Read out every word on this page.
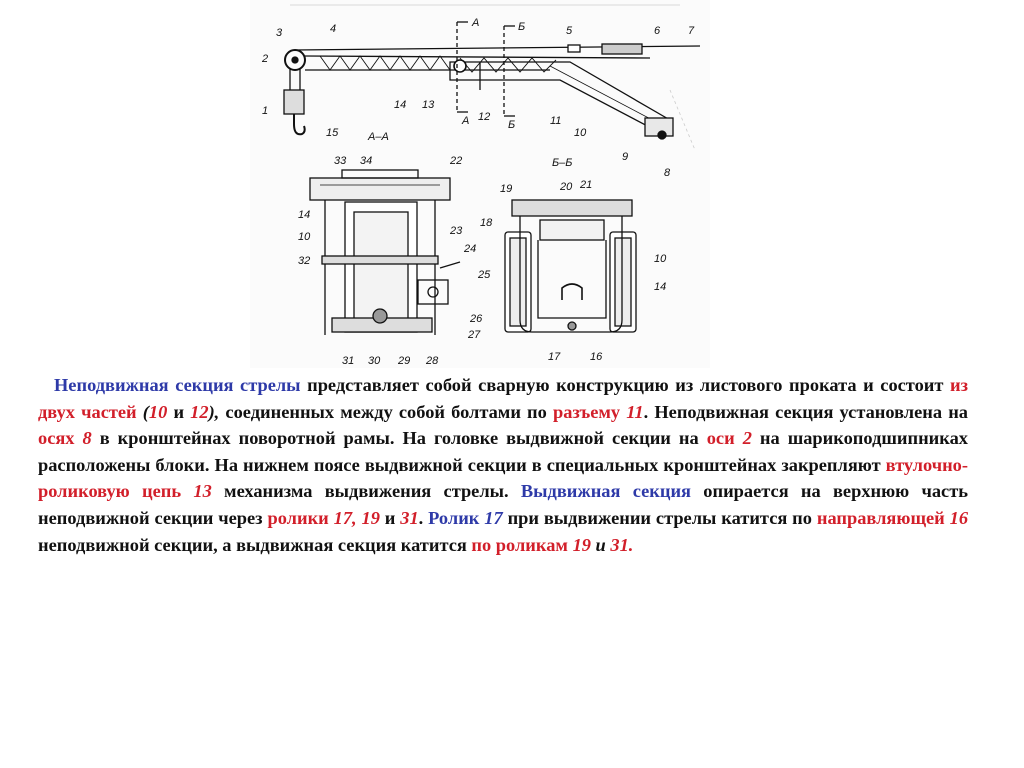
1
2
3	4	5	6	7
8
9
10
11
12
13
14
15
А	Б
А	Б
А–А
33 34	22
14
10
32
23
24
25
26
27
28
29
30
31
Б–Б
19	20 21
18
10
14
17	16

Неподвижная секция стрелы представляет собой сварную конструкцию из листового проката и состоит из двух частей (10 и 12), соединенных между собой болтами по разъему 11. Неподвижная секция установлена на осях 8 в кронштейнах поворотной рамы. На головке выдвижной секции на оси 2 на шарикоподшипниках расположены блоки. На нижнем поясе выдвижной секции в специальных кронштейнах закрепляют втулочно-роликовую цепь 13 механизма выдвижения стрелы. Выдвижная секция опирается на верхнюю часть неподвижной секции через ролики 17, 19 и 31. Ролик 17 при выдвижении стрелы катится по направляющей 16 неподвижной секции, а выдвижная секция катится по роликам 19 и 31.
